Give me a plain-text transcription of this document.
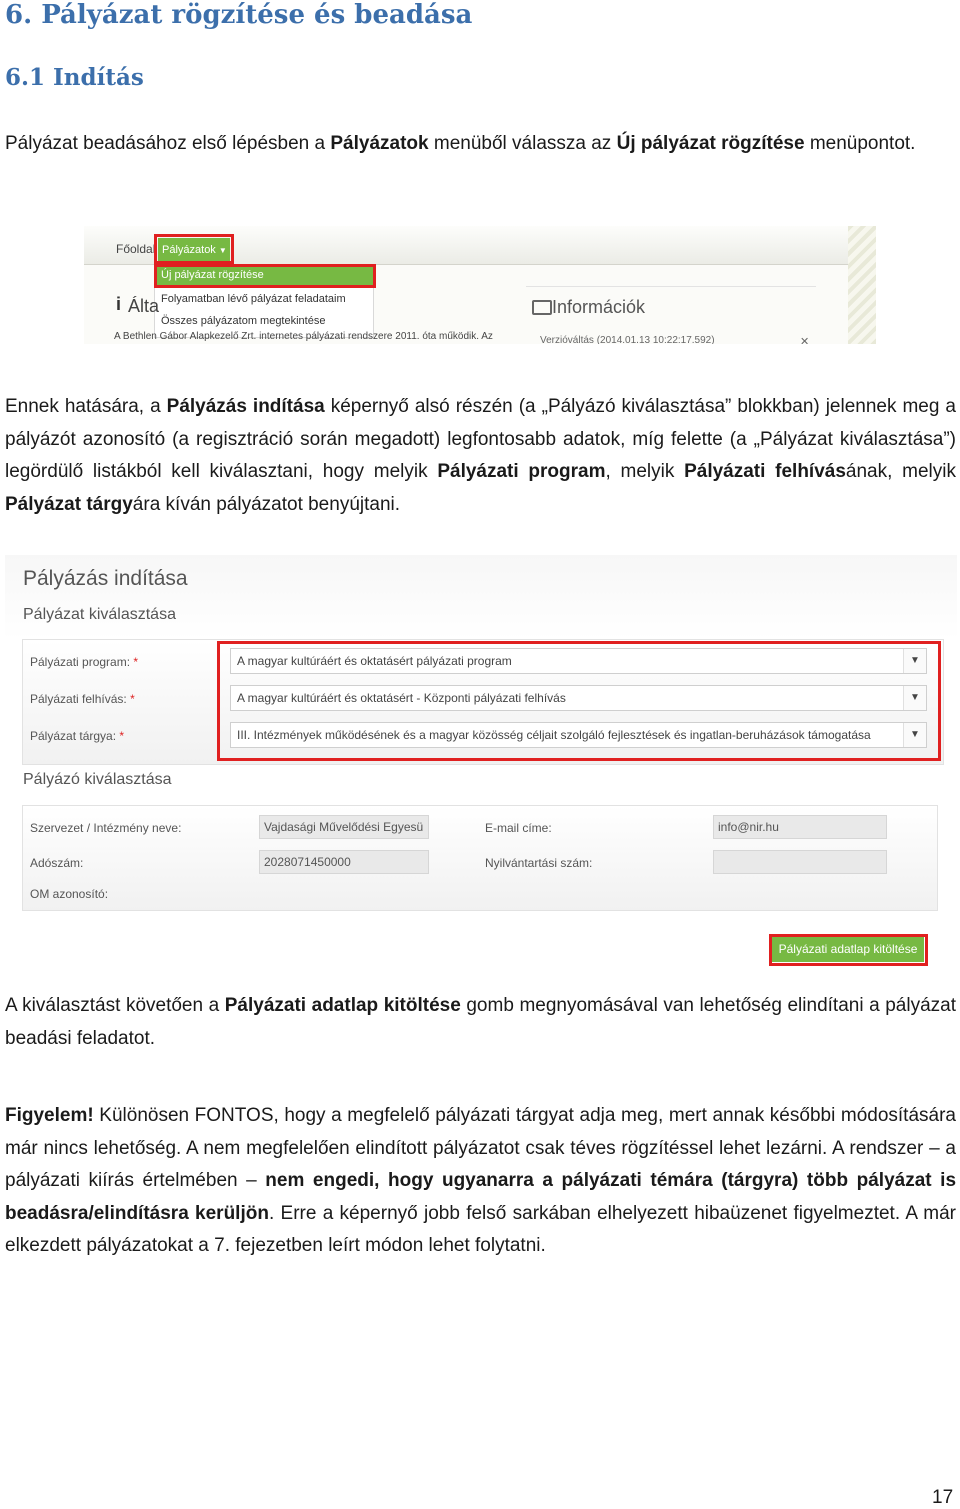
6. Pályázat rögzítése és beadása
6.1 Indítás

Pályázat beadásához első lépésben a Pályázatok menüből válassza az Új pályázat rögzítése menüpontot.

Főoldal Pályázatok ▼
Új pályázat rögzítése
Folyamatban lévő pályázat feladataim
Összes pályázatom megtekintése
i Álta	Információk
Verzióváltás (2014.01.13 10:22:17.592)	✕
A Bethlen Gábor Alapkezelő Zrt. internetes pályázati rendszere 2011. óta működik. Az

Ennek hatására, a Pályázás indítása képernyő alsó részén (a „Pályázó kiválasztása” blokkban) jelennek meg a pályázót azonosító (a regisztráció során megadott) legfontosabb adatok, míg felette (a „Pályázat kiválasztása”) legördülő listákból kell kiválasztani, hogy melyik Pályázati program, melyik Pályázati felhívásának, melyik Pályázat tárgyára kíván pályázatot benyújtani.

Pályázás indítása
Pályázat kiválasztása
Pályázati program: *	A magyar kultúráért és oktatásért pályázati program	▼
Pályázati felhívás: *	A magyar kultúráért és oktatásért - Központi pályázati felhívás	▼
Pályázat tárgya: *	III. Intézmények működésének és a magyar közösség céljait szolgáló fejlesztések és ingatlan-beruházások támogatása	▼
Pályázó kiválasztása
Szervezet / Intézmény neve:	Vajdasági Művelődési Egyesü	E-mail címe:	info@nir.hu
Adószám:	2028071450000	Nyilvántartási szám:
OM azonosító:
Pályázati adatlap kitöltése

A kiválasztást követően a Pályázati adatlap kitöltése gomb megnyomásával van lehetőség elindítani a pályázat beadási feladatot.

Figyelem! Különösen FONTOS, hogy a megfelelő pályázati tárgyat adja meg, mert annak későbbi módosítására már nincs lehetőség. A nem megfelelően elindított pályázatot csak téves rögzítéssel lehet lezárni. A rendszer – a pályázati kiírás értelmében – nem engedi, hogy ugyanarra a pályázati témára (tárgyra) több pályázat is beadásra/elindításra kerüljön. Erre a képernyő jobb felső sarkában elhelyezett hibaüzenet figyelmeztet. A már elkezdett pályázatokat a 7. fejezetben leírt módon lehet folytatni.

17
